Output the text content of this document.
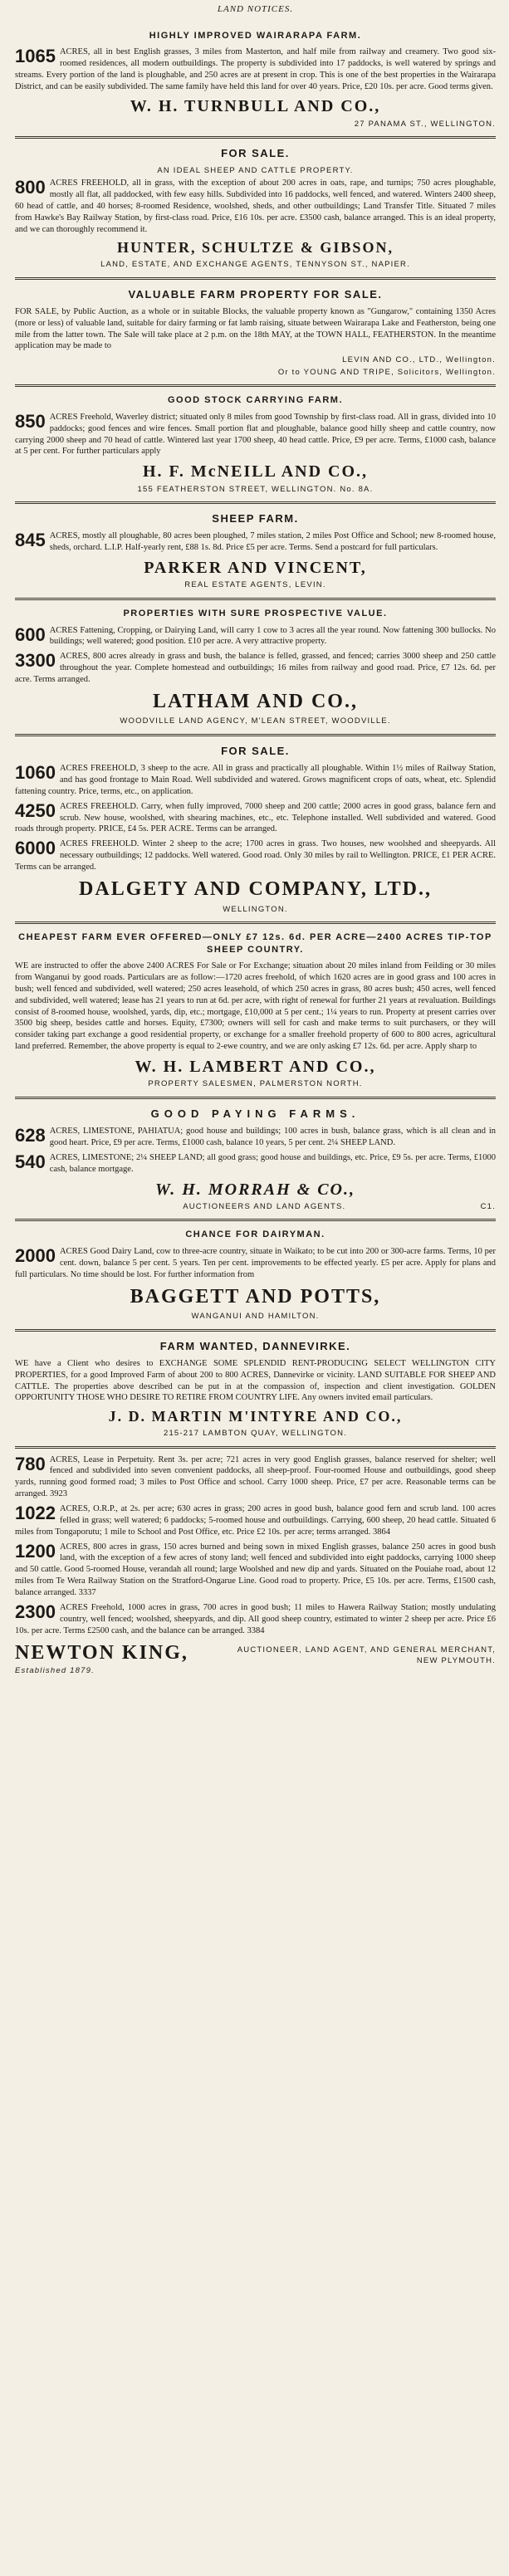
LAND NOTICES.
HIGHLY IMPROVED WAIRARAPA FARM.

1065 ACRES, all in best English grasses, 3 miles from Masterton, and half mile from railway and creamery. Two good six-roomed residences, all modern outbuildings. The property is subdivided into 17 paddocks, is well watered by springs and streams. Every portion of the land is ploughable, and 250 acres are at present in crop. This is one of the best properties in the Wairarapa District, and can be easily subdivided. The same family have held this land for over 40 years. Price, £20 10s. per acre. Good terms given.

W. H. TURNBULL AND CO.,
27 PANAMA ST., WELLINGTON.
FOR SALE.
AN IDEAL SHEEP AND CATTLE PROPERTY.

800 ACRES FREEHOLD, all in grass, with the exception of about 200 acres in oats, rape, and turnips; 750 acres ploughable, mostly all flat, all paddocked, with few easy hills. Subdivided into 16 paddocks, well fenced, and watered. Winters 2400 sheep, 60 head of cattle, and 40 horses; 8-roomed Residence, woolshed, sheds, and other outbuildings; Land Transfer Title. Situated 7 miles from Hawke's Bay Railway Station, by first-class road. Price, £16 10s. per acre. £3500 cash, balance arranged. This is an ideal property, and we can thoroughly recommend it.

HUNTER, SCHULTZE & GIBSON,
LAND, ESTATE, AND EXCHANGE AGENTS, TENNYSON ST., NAPIER.
VALUABLE FARM PROPERTY FOR SALE.

FOR SALE, by Public Auction, as a whole or in suitable Blocks, the valuable property known as "Gungarow," containing 1350 Acres (more or less) of valuable land, suitable for dairy farming or fat lamb raising, situate between Wairarapa Lake and Featherston, being one mile from the latter town. The Sale will take place at 2 p.m. on the 18th MAY, at the TOWN HALL, FEATHERSTON. In the meantime application may be made to

LEVIN AND CO., LTD., Wellington.
Or to YOUNG AND TRIPE, Solicitors, Wellington.
GOOD STOCK CARRYING FARM.

850 ACRES Freehold, Waverley district; situated only 8 miles from good Township by first-class road. All in grass, divided into 10 paddocks; good fences and wire fences. Small portion flat and ploughable, balance good hilly sheep and cattle country, now carrying 2000 sheep and 70 head of cattle. Wintered last year 1700 sheep, 40 head cattle. Price, £9 per acre. Terms, £1000 cash, balance at 5 per cent. For further particulars apply

H. F. McNEILL AND CO.,
155 FEATHERSTON STREET, WELLINGTON. No. 8A.
SHEEP FARM.

845 ACRES, mostly all ploughable, 80 acres been ploughed, 7 miles station, 2 miles Post Office and School; new 8-roomed house, sheds, orchard. L.I.P. Half-yearly rent, £88 1s. 8d. Price £5 per acre. Terms. Send a postcard for full particulars.

PARKER AND VINCENT,
REAL ESTATE AGENTS, LEVIN.
PROPERTIES WITH SURE PROSPECTIVE VALUE.

600 ACRES Fattening, Cropping, or Dairying Land, will carry 1 cow to 3 acres all the year round. Now fattening 300 bullocks. No buildings; well watered; good position. £10 per acre. A very attractive property.

3300 ACRES, 800 acres already in grass and bush, the balance is felled, grassed, and fenced; carries 3000 sheep and 250 cattle throughout the year. Complete homestead and outbuildings; 16 miles from railway and good road. Price, £7 12s. 6d. per acre. Terms arranged.

LATHAM AND CO.,
WOODVILLE LAND AGENCY, M'LEAN STREET, WOODVILLE.
FOR SALE.

1060 ACRES FREEHOLD, 3 sheep to the acre. All in grass and practically all ploughable. Within 1½ miles of Railway Station, and has good frontage to Main Road. Well subdivided and watered. Grows magnificent crops of oats, wheat, etc. Splendid fattening country. Price, terms, etc., on application.

4250 ACRES FREEHOLD. Carry, when fully improved, 7000 sheep and 200 cattle; 2000 acres in good grass, balance fern and scrub. New house, woolshed, with shearing machines, etc., etc. Telephone installed. Well subdivided and watered. Good roads through property. PRICE, £4 5s. PER ACRE. Terms can be arranged.

6000 ACRES FREEHOLD. Winter 2 sheep to the acre; 1700 acres in grass. Two houses, new woolshed and sheepyards. All necessary outbuildings; 12 paddocks. Well watered. Good road. Only 30 miles by rail to Wellington. PRICE, £1 PER ACRE. Terms can be arranged.

DALGETY AND COMPANY, LTD.,
WELLINGTON.
CHEAPEST FARM EVER OFFERED—ONLY £7 12s. 6d. PER ACRE—2400 ACRES TIP-TOP SHEEP COUNTRY.

WE are instructed to offer the above 2400 ACRES For Sale or For Exchange; situation about 20 miles inland from Feilding or 30 miles from Wanganui by good roads. Particulars are as follow:—1720 acres freehold, of which 1620 acres are in good grass and 100 acres in bush; well fenced and subdivided, well watered; 250 acres leasehold, of which 250 acres in grass, 80 acres bush; 450 acres, well fenced and subdivided, well watered; lease has 21 years to run at 6d. per acre, with right of renewal for further 21 years at revaluation. Buildings consist of 8-roomed house, woolshed, yards, dip, etc.; mortgage, £10,000 at 5 per cent.; 1¼ years to run. Property at present carries over 3500 big sheep, besides cattle and horses. Equity, £7300; owners will sell for cash and make terms to suit purchasers, or they will consider taking part exchange a good residential property, or exchange for a smaller freehold property of 600 to 800 acres, agricultural land preferred. Remember, the above property is equal to 2-ewe country, and we are only asking £7 12s. 6d. per acre. Apply sharp to

W. H. LAMBERT AND CO.,
PROPERTY SALESMEN, PALMERSTON NORTH.
GOOD PAYING FARMS.

628 ACRES, LIMESTONE, PAHIATUA; good house and buildings; 100 acres in bush, balance grass, which is all clean and in good heart. Price, £9 per acre. Terms, £1000 cash, balance 10 years, 5 per cent. 2¼ SHEEP LAND.

540 ACRES, LIMESTONE; 2¼ SHEEP LAND; all good grass; good house and buildings, etc. Price, £9 5s. per acre. Terms, £1000 cash, balance mortgage.

W. H. MORRAH & CO.,
AUCTIONEERS AND LAND AGENTS.	C1.
CHANCE FOR DAIRYMAN.

2000 ACRES Good Dairy Land, cow to three-acre country, situate in Waikato; to be cut into 200 or 300-acre farms. Terms, 10 per cent. down, balance 5 per cent. 5 years. Ten per cent. improvements to be effected yearly. £5 per acre. Apply for plans and full particulars. No time should be lost. For further information from

BAGGETT AND POTTS,
WANGANUI AND HAMILTON.
FARM WANTED, DANNEVIRKE.

WE have a Client who desires to EXCHANGE SOME SPLENDID RENT-PRODUCING SELECT WELLINGTON CITY PROPERTIES, for a good Improved Farm of about 200 to 800 ACRES, Dannevirke or vicinity. LAND SUITABLE FOR SHEEP AND CATTLE. The properties above described can be put in at the compassion of, inspection and client investigation. GOLDEN OPPORTUNITY THOSE WHO DESIRE TO RETIRE FROM COUNTRY LIFE. Any owners invited email particulars.

J. D. MARTIN M'INTYRE AND CO.,
215-217 LAMBTON QUAY, WELLINGTON.

780 ACRES, Lease in Perpetuity. Rent 3s. per acre; 721 acres in very good English grasses, balance reserved for shelter; well fenced and subdivided into seven convenient paddocks, all sheep-proof. Four-roomed House and outbuildings, good sheep yards, running good formed road; 3 miles to Post Office and school. Carry 1000 sheep. Price, £7 per acre. Reasonable terms can be arranged. 3923

1022 ACRES, O.R.P., at 2s. per acre; 630 acres in grass; 200 acres in good bush, balance good fern and scrub land. 100 acres felled in grass; well watered; 6 paddocks; 5-roomed house and outbuildings. Carrying, 600 sheep, 20 head cattle. Situated 6 miles from Tongaporutu; 1 mile to School and Post Office, etc. Price £2 10s. per acre; terms arranged. 3864

1200 ACRES, 800 acres in grass, 150 acres burned and being sown in mixed English grasses, balance 250 acres in good bush land, with the exception of a few acres of stony land; well fenced and subdivided into eight paddocks, carrying 1000 sheep and 50 cattle. Good 5-roomed House, verandah all round; large Woolshed and new dip and yards. Situated on the Pouiahe road, about 12 miles from Te Wera Railway Station on the Stratford-Ongarue Line. Good road to property. Price, £5 10s. per acre. Terms, £1500 cash, balance arranged. 3337

2300 ACRES Freehold, 1000 acres in grass, 700 acres in good bush; 11 miles to Hawera Railway Station; mostly undulating country, well fenced; woolshed, sheepyards, and dip. All good sheep country, estimated to winter 2 sheep per acre. Price £6 10s. per acre. Terms £2500 cash, and the balance can be arranged. 3384

NEWTON KING,	AUCTIONEER, LAND AGENT, AND GENERAL MERCHANT,
NEW PLYMOUTH.
Established 1879.
